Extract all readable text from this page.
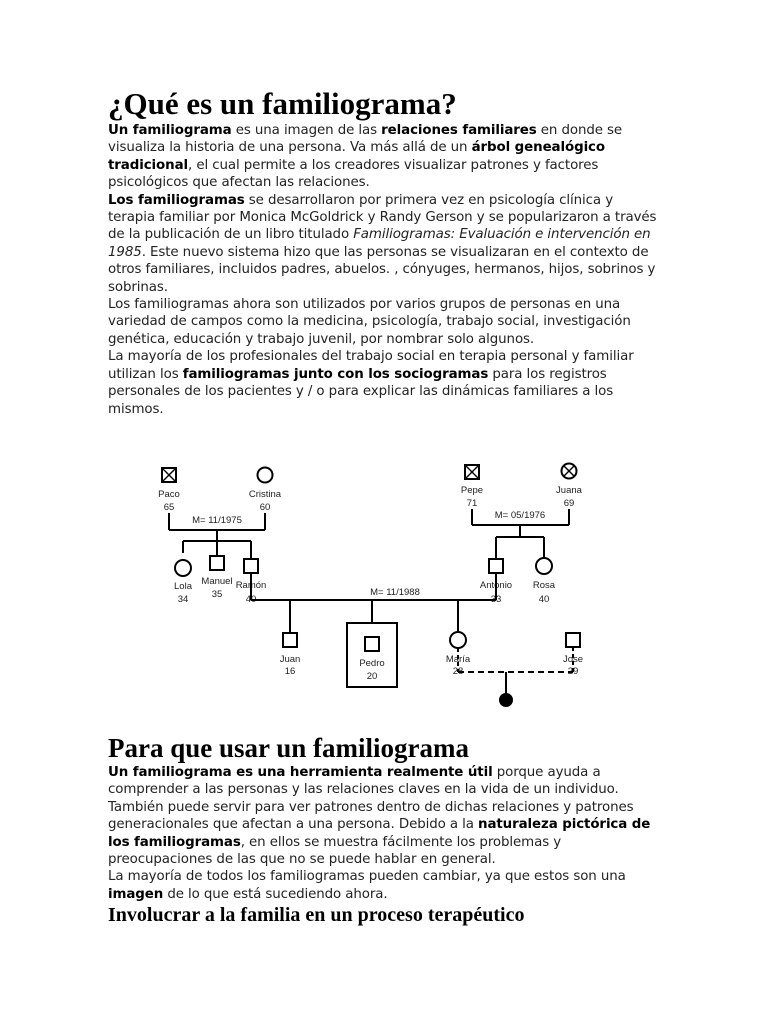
¿Qué es un familiograma?

Un familiograma es una imagen de las relaciones familiares en donde se visualiza la historia de una persona. Va más allá de un árbol genealógico tradicional, el cual permite a los creadores visualizar patrones y factores psicológicos que afectan las relaciones.

Los familiogramas se desarrollaron por primera vez en psicología clínica y terapia familiar por Monica McGoldrick y Randy Gerson y se popularizaron a través de la publicación de un libro titulado Familiogramas: Evaluación e intervención en 1985. Este nuevo sistema hizo que las personas se visualizaran en el contexto de otros familiares, incluidos padres, abuelos. , cónyuges, hermanos, hijos, sobrinos y sobrinas.

Los familiogramas ahora son utilizados por varios grupos de personas en una variedad de campos como la medicina, psicología, trabajo social, investigación genética, educación y trabajo juvenil, por nombrar solo algunos.

La mayoría de los profesionales del trabajo social en terapia personal y familiar utilizan los familiogramas junto con los sociogramas para los registros personales de los pacientes y / o para explicar las dinámicas familiares a los mismos.

Paco
65
Cristina
60
M= 11/1975
Lola
34
Manuel
35
Ramón
40
Pepe
71
Juana
69
M= 05/1976
Antonio
33
Rosa
40
M= 11/1988
Juan
16
Pedro
20
María
28
Jose
29
Para que usar un familiograma

Un familiograma es una herramienta realmente útil porque ayuda a comprender a las personas y las relaciones claves en la vida de un individuo. También puede servir para ver patrones dentro de dichas relaciones y patrones generacionales que afectan a una persona. Debido a la naturaleza pictórica de los familiogramas, en ellos se muestra fácilmente los problemas y preocupaciones de las que no se puede hablar en general.

La mayoría de todos los familiogramas pueden cambiar, ya que estos son una imagen de lo que está sucediendo ahora.

Involucrar a la familia en un proceso terapéutico
